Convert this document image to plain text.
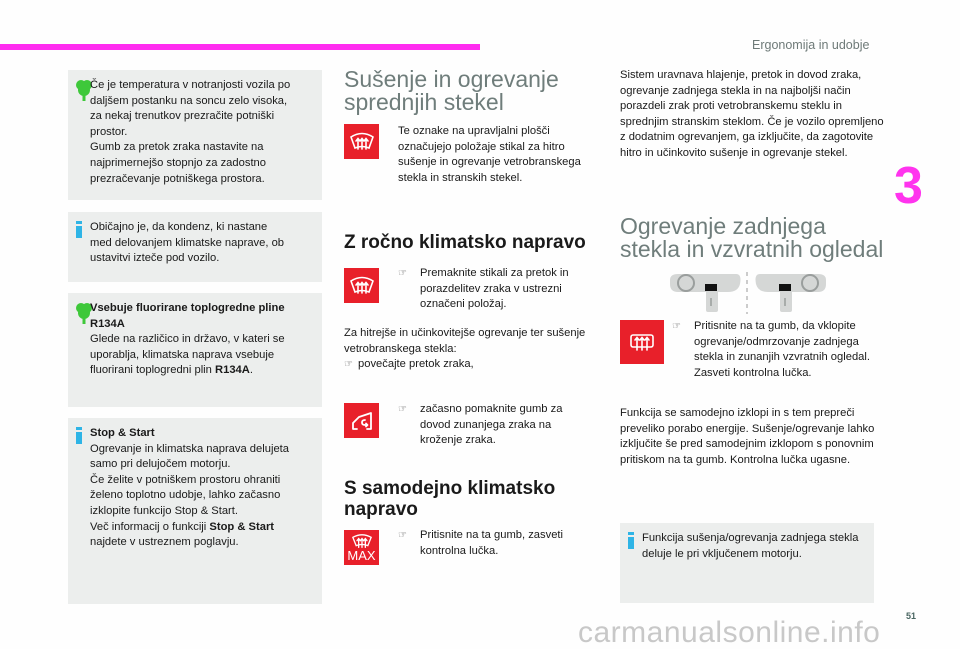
Ergonomija in udobje
3
Če je temperatura v notranjosti vozila po
daljšem postanku na soncu zelo visoka,
za nekaj trenutkov prezračite potniški
prostor.
Gumb za pretok zraka nastavite na
najprimernejšo stopnjo za zadostno
prezračevanje potniškega prostora.
Običajno je, da kondenz, ki nastane
med delovanjem klimatske naprave, ob
ustavitvi izteče pod vozilo.
Vsebuje fluorirane toplogredne pline R134A
Glede na različico in državo, v kateri se
uporablja, klimatska naprava vsebuje
fluorirani toplogredni plin R134A.
Stop & Start
Ogrevanje in klimatska naprava delujeta
samo pri delujočem motorju.
Če želite v potniškem prostoru ohraniti
želeno toplotno udobje, lahko začasno
izklopite funkcijo Stop & Start.
Več informacij o funkciji Stop & Start
najdete v ustreznem poglavju.
Sušenje in ogrevanje
sprednjih stekel
Te oznake na upravljalni plošči označujejo položaje stikal za hitro sušenje in ogrevanje vetrobranskega stekla in stranskih stekel.
Z ročno klimatsko napravo
☞	Premaknite stikali za pretok in porazdelitev zraka v ustrezni označeni položaj.
Za hitrejše in učinkovitejše ogrevanje ter sušenje vetrobranskega stekla:
☞ povečajte pretok zraka,
☞	začasno pomaknite gumb za dovod zunanjega zraka na kroženje zraka.
S samodejno klimatsko
napravo
MAX
☞	Pritisnite na ta gumb, zasveti kontrolna lučka.
Sistem uravnava hlajenje, pretok in dovod zraka, ogrevanje zadnjega stekla in na najboljši način porazdeli zrak proti vetrobranskemu steklu in sprednjim stranskim steklom. Če je vozilo opremljeno z dodatnim ogrevanjem, ga izključite, da zagotovite hitro in učinkovito sušenje in ogrevanje stekel.
Ogrevanje zadnjega
stekla in vzvratnih ogledal
☞	Pritisnite na ta gumb, da vklopite ogrevanje/odmrzovanje zadnjega stekla in zunanjih vzvratnih ogledal. Zasveti kontrolna lučka.
Funkcija se samodejno izklopi in s tem prepreči preveliko porabo energije. Sušenje/ogrevanje lahko izključite še pred samodejnim izklopom s ponovnim pritiskom na ta gumb. Kontrolna lučka ugasne.
Funkcija sušenja/ogrevanja zadnjega stekla deluje le pri vključenem motorju.
51
carmanualsonline.info
